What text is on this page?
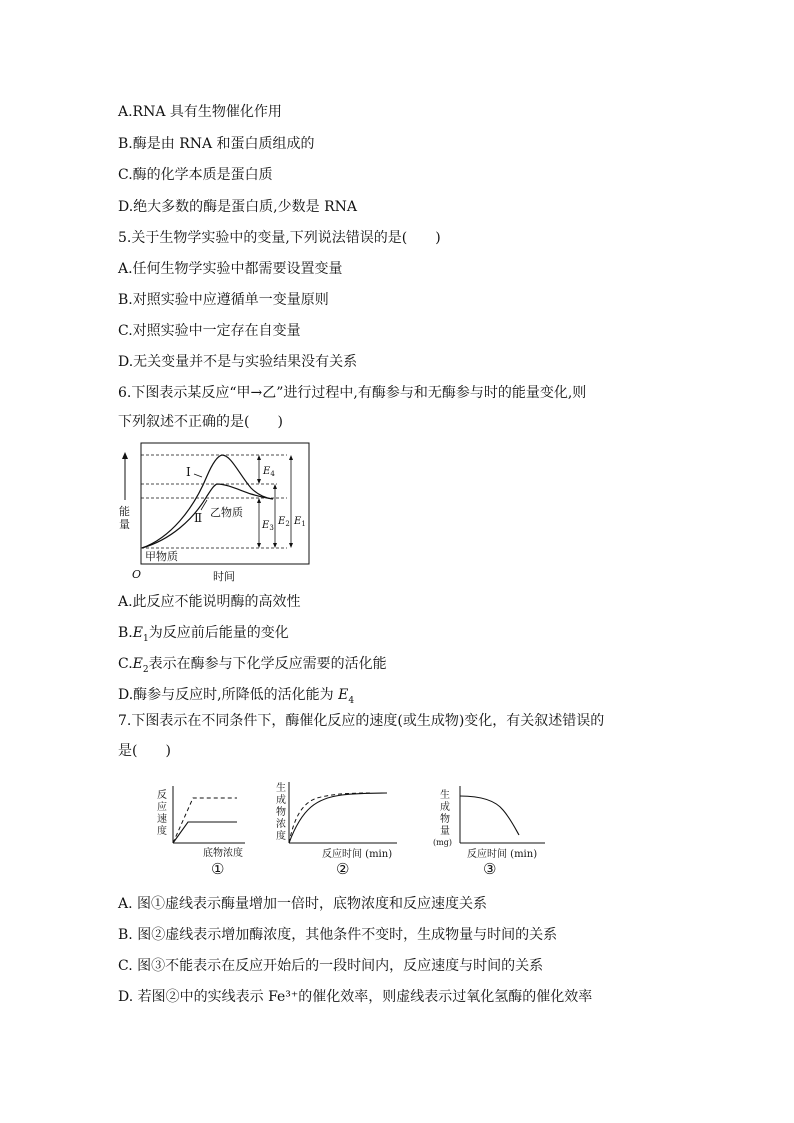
A.RNA 具有生物催化作用
B.酶是由 RNA 和蛋白质组成的
C.酶的化学本质是蛋白质
D.绝大多数的酶是蛋白质,少数是 RNA
5.关于生物学实验中的变量,下列说法错误的是(　　)
A.任何生物学实验中都需要设置变量
B.对照实验中应遵循单一变量原则
C.对照实验中一定存在自变量
D.无关变量并不是与实验结果没有关系
6.下图表示某反应“甲→乙”进行过程中,有酶参与和无酶参与时的能量变化,则
下列叙述不正确的是(　　)
能
量
Ⅰ
Ⅱ 乙物质
甲物质
$E_4$
$E_3$
$E_2$ $E_1$
O	时间
A.此反应不能说明酶的高效性
$B.E_1$为反应前后能量的变化
$C.E_2$表示在酶参与下化学反应需要的活化能
D.酶参与反应时,所降低的活化能为 $E_4$
7.下图表示在不同条件下，酶催化反应的速度(或生成物)变化，有关叙述错误的
是(　　)
反
应
速
度
底物浓度
①
生
成
物
浓
度
反应时间 (min)
②
生
成
物
量
(mg)
反应时间 (min)
③
A. 图①虚线表示酶量增加一倍时，底物浓度和反应速度关系
B. 图②虚线表示增加酶浓度，其他条件不变时，生成物量与时间的关系
C. 图③不能表示在反应开始后的一段时间内，反应速度与时间的关系
D. 若图②中的实线表示 Fe³⁺的催化效率，则虚线表示过氧化氢酶的催化效率
